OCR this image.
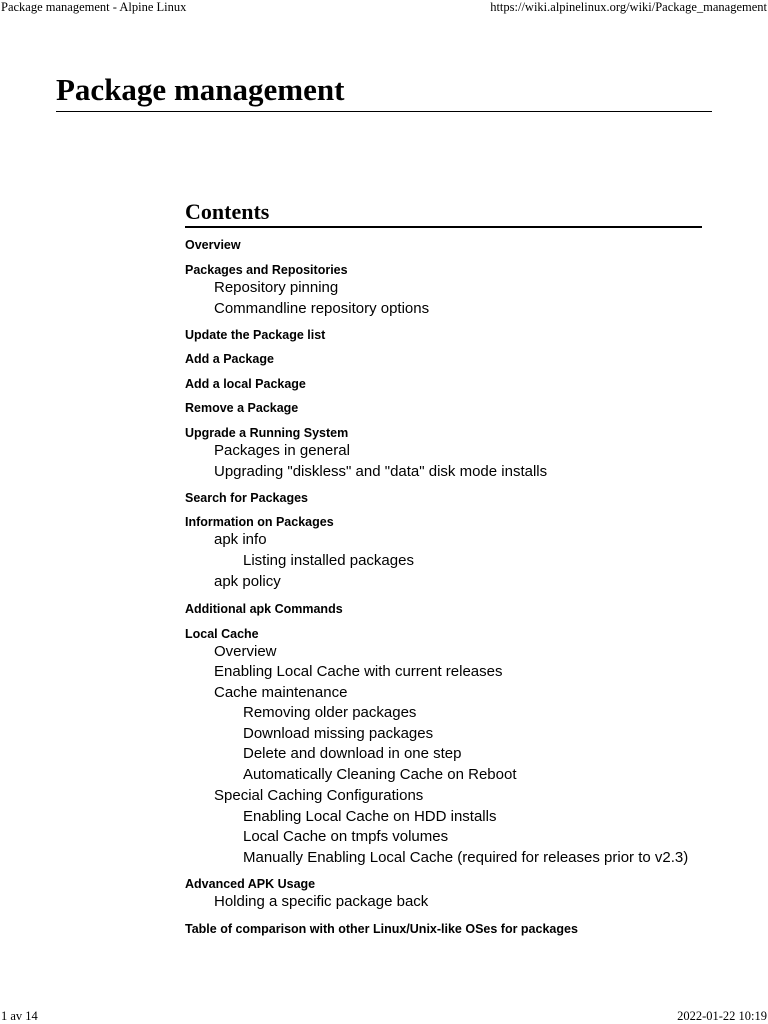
Package management - Alpine Linux	https://wiki.alpinelinux.org/wiki/Package_management
Package management
Contents
Overview
Packages and Repositories
Repository pinning
Commandline repository options
Update the Package list
Add a Package
Add a local Package
Remove a Package
Upgrade a Running System
Packages in general
Upgrading "diskless" and "data" disk mode installs
Search for Packages
Information on Packages
apk info
Listing installed packages
apk policy
Additional apk Commands
Local Cache
Overview
Enabling Local Cache with current releases
Cache maintenance
Removing older packages
Download missing packages
Delete and download in one step
Automatically Cleaning Cache on Reboot
Special Caching Configurations
Enabling Local Cache on HDD installs
Local Cache on tmpfs volumes
Manually Enabling Local Cache (required for releases prior to v2.3)
Advanced APK Usage
Holding a specific package back
Table of comparison with other Linux/Unix-like OSes for packages
1 av 14	2022-01-22 10:19
